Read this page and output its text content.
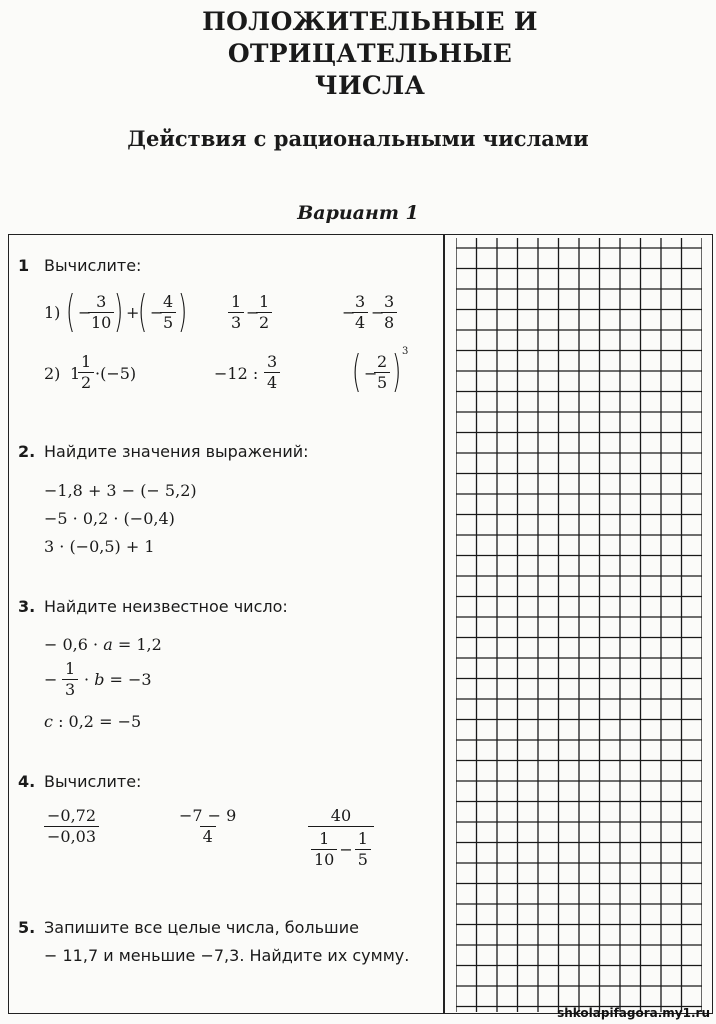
ПОЛОЖИТЕЛЬНЫЕ И ОТРИЦАТЕЛЬНЫЕ
ЧИСЛА
Действия с рациональными числами
Вариант 1
1 Вычислите:
1) ( −
$\frac{3}{10}$ ) +
( −
$\frac{4}{5}$ )	$\frac{1}{3}$ −
$\frac{1}{2}$	−
$\frac{3}{4}$ −
$\frac{3}{8}$
2) 1
$\frac{1}{2} \cdot(-5)$	−12 : $\frac{3}{4}$ ( −
$\frac{2}{5}$ ) 3
2. Найдите значения выражений:
−1,8 + 3 − (− 5,2)
−5 · 0,2 · (−0,4)
3 · (−0,5) + 1
3. Найдите неизвестное число:
− 0,6 · a = 1,2
− $\frac{1}{3} \cdot b = -3$
c : 0,2 = −5
4. Вычислите:
$\frac{-0,72}{-0,03}$	$\frac{-7 - 9}{4}$	$\frac{40}{\frac{1}{10} - \frac{1}{5}}$
5. Запишите все целые числа, большие
− 11,7 и меньшие −7,3. Найдите их сумму.
shkolapifagora.my1.ru
